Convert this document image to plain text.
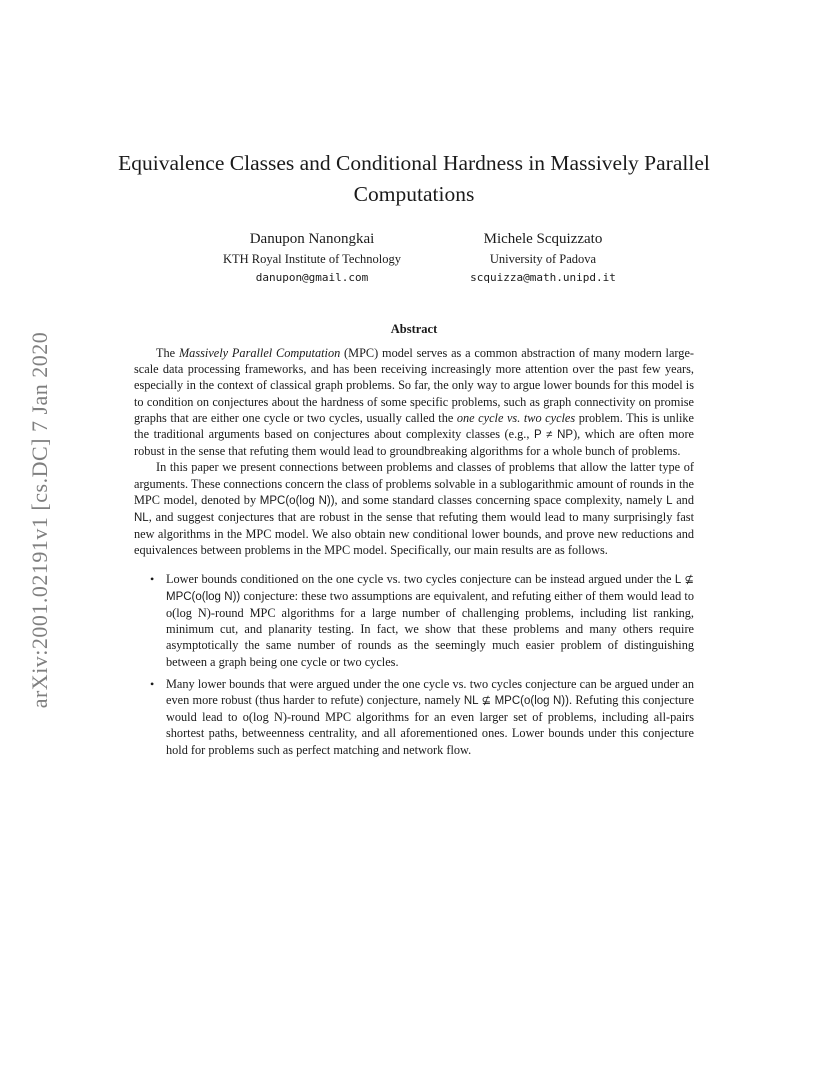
arXiv:2001.02191v1 [cs.DC] 7 Jan 2020
Equivalence Classes and Conditional Hardness in Massively Parallel Computations
Danupon Nanongkai
KTH Royal Institute of Technology
danupon@gmail.com
Michele Scquizzato
University of Padova
scquizza@math.unipd.it
Abstract

The Massively Parallel Computation (MPC) model serves as a common abstraction of many modern large-scale data processing frameworks, and has been receiving increasingly more attention over the past few years, especially in the context of classical graph problems. So far, the only way to argue lower bounds for this model is to condition on conjectures about the hardness of some specific problems, such as graph connectivity on promise graphs that are either one cycle or two cycles, usually called the one cycle vs. two cycles problem. This is unlike the traditional arguments based on conjectures about complexity classes (e.g., P ≠ NP), which are often more robust in the sense that refuting them would lead to groundbreaking algorithms for a whole bunch of problems.

In this paper we present connections between problems and classes of problems that allow the latter type of arguments. These connections concern the class of problems solvable in a sublogarithmic amount of rounds in the MPC model, denoted by MPC(o(log N)), and some standard classes concerning space complexity, namely L and NL, and suggest conjectures that are robust in the sense that refuting them would lead to many surprisingly fast new algorithms in the MPC model. We also obtain new conditional lower bounds, and prove new reductions and equivalences between problems in the MPC model. Specifically, our main results are as follows.

• Lower bounds conditioned on the one cycle vs. two cycles conjecture can be instead argued under the L ⊈ MPC(o(log N)) conjecture: these two assumptions are equivalent, and refuting either of them would lead to o(log N)-round MPC algorithms for a large number of challenging problems, including list ranking, minimum cut, and planarity testing. In fact, we show that these problems and many others require asymptotically the same number of rounds as the seemingly much easier problem of distinguishing between a graph being one cycle or two cycles.
• Many lower bounds that were argued under the one cycle vs. two cycles conjecture can be argued under an even more robust (thus harder to refute) conjecture, namely NL ⊈ MPC(o(log N)). Refuting this conjecture would lead to o(log N)-round MPC algorithms for an even larger set of problems, including all-pairs shortest paths, betweenness centrality, and all aforementioned ones. Lower bounds under this conjecture hold for problems such as perfect matching and network flow.
